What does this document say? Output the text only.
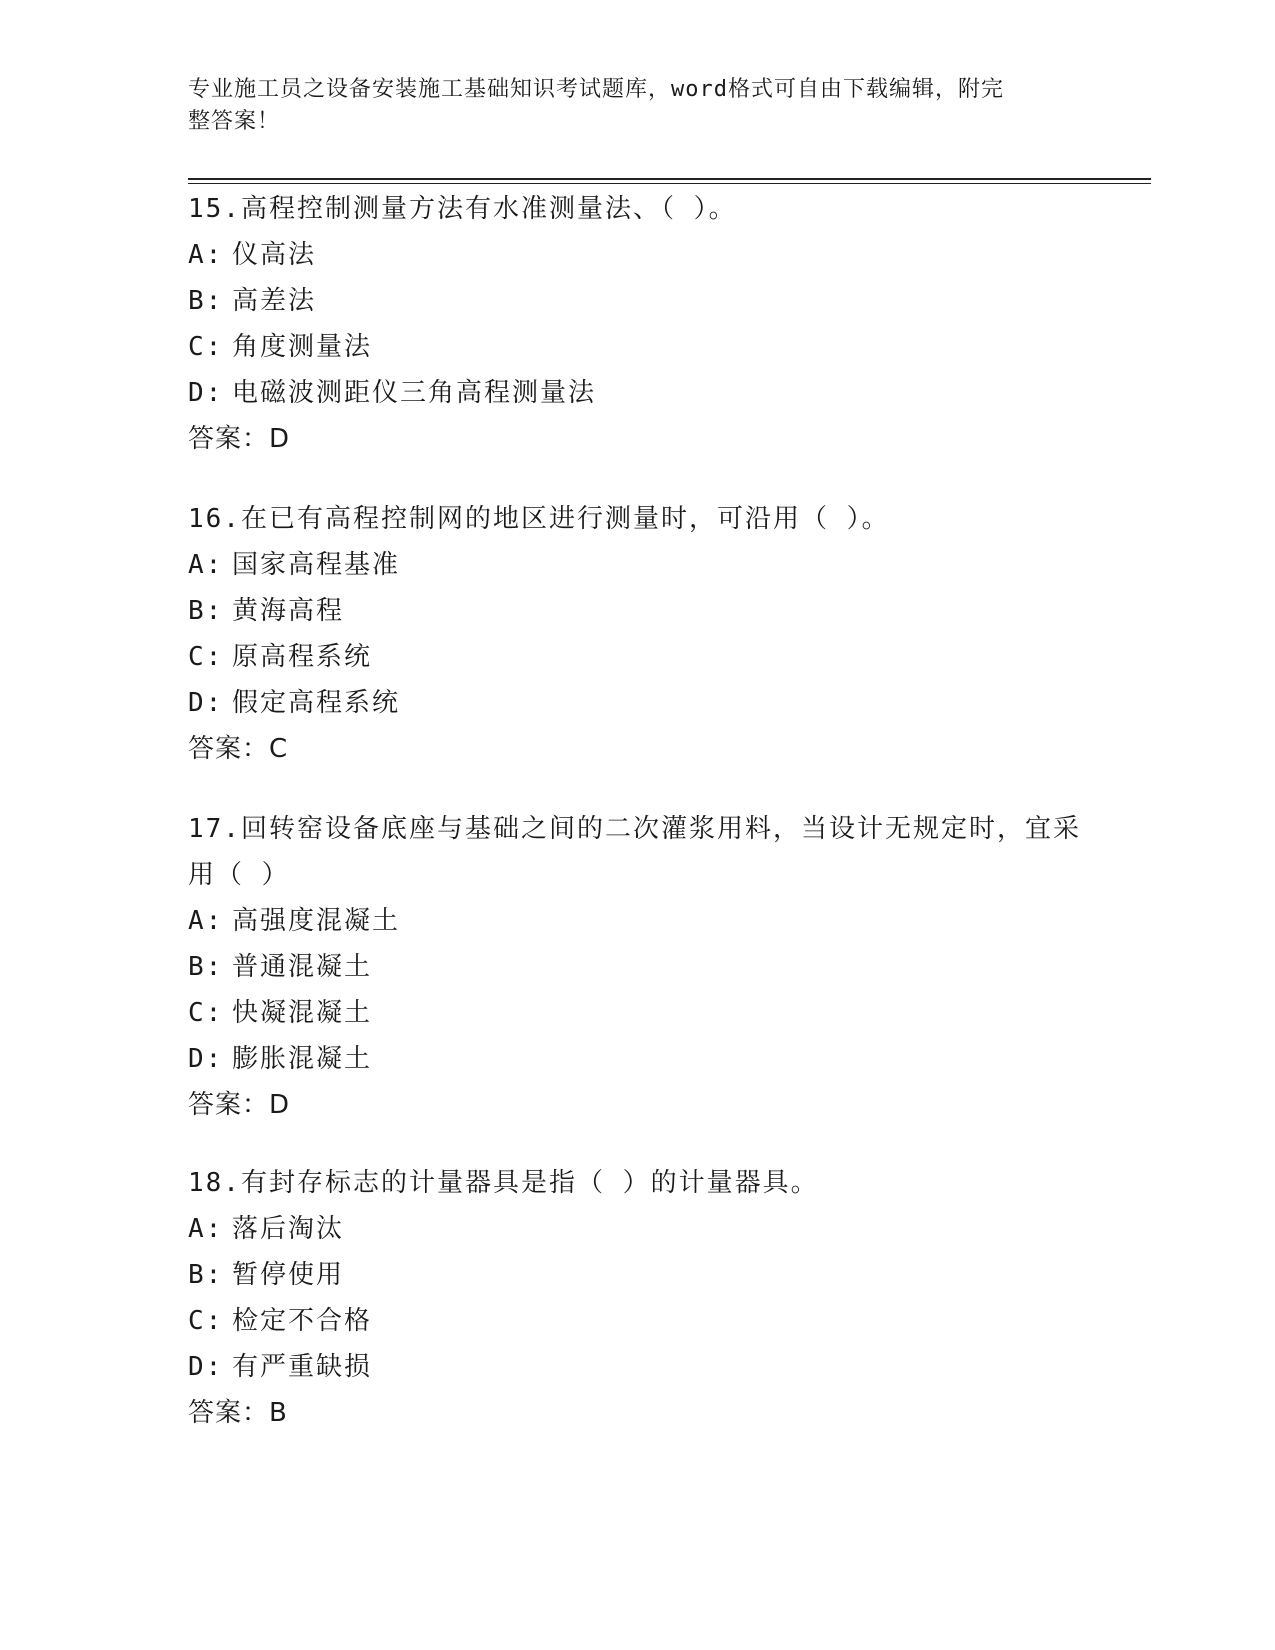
专业施工员之设备安装施工基础知识考试题库，word格式可自由下载编辑，附完
整答案！

15.高程控制测量方法有水准测量法、（ ）。

A: 仪高法

B: 高差法

C: 角度测量法

D: 电磁波测距仪三角高程测量法

答案：D

16.在已有高程控制网的地区进行测量时，可沿用（ ）。

A: 国家高程基准

B: 黄海高程

C: 原高程系统

D: 假定高程系统

答案：C

17.回转窑设备底座与基础之间的二次灌浆用料，当设计无规定时，宜采用（ ）

A: 高强度混凝土

B: 普通混凝土

C: 快凝混凝土

D: 膨胀混凝土

答案：D

18.有封存标志的计量器具是指（ ）的计量器具。

A: 落后淘汰

B: 暂停使用

C: 检定不合格

D: 有严重缺损

答案：B
